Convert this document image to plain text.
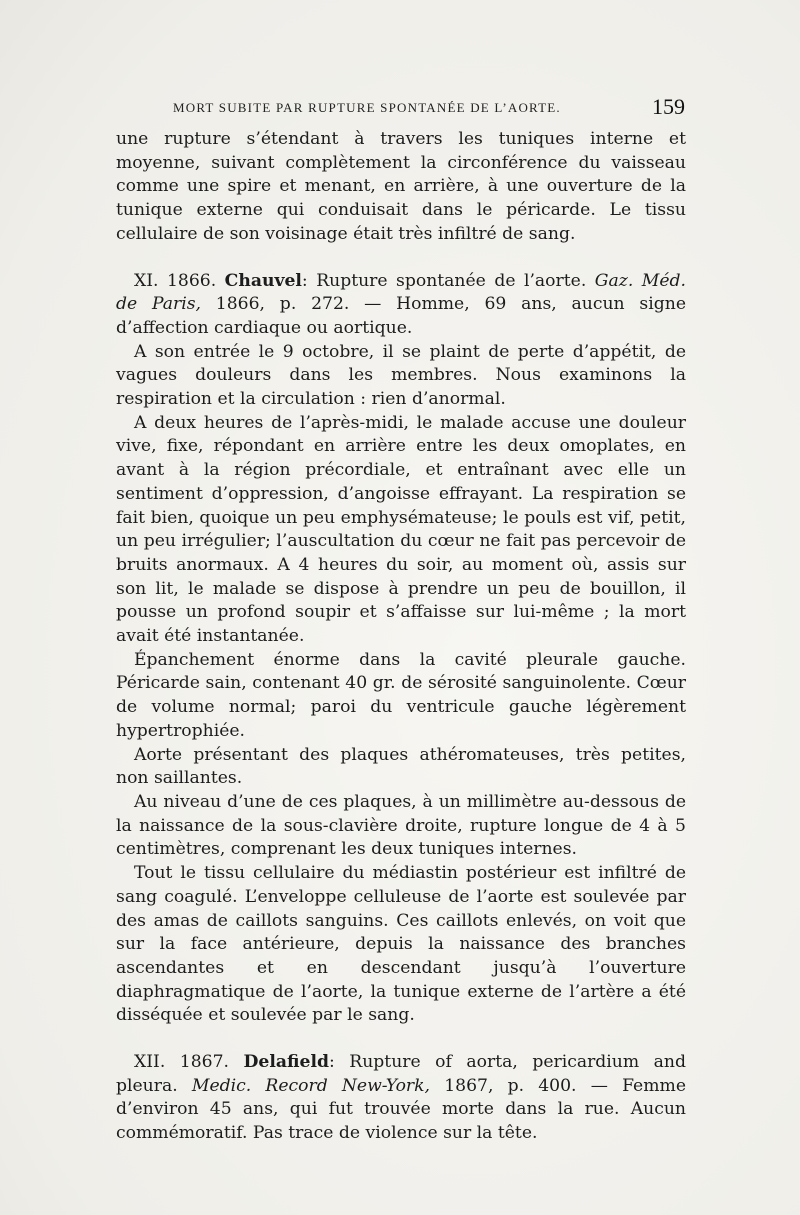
MORT SUBITE PAR RUPTURE SPONTANÉE DE L’AORTE.	159

une rupture s’étendant à travers les tuniques interne et moyenne, suivant complètement la circonférence du vaisseau comme une spire et menant, en arrière, à une ouverture de la tunique externe qui conduisait dans le péricarde. Le tissu cellulaire de son voisinage était très infiltré de sang.

XI. 1866. Chauvel: Rupture spontanée de l’aorte. Gaz. Méd. de Paris, 1866, p. 272. — Homme, 69 ans, aucun signe d’affection cardiaque ou aortique.

A son entrée le 9 octobre, il se plaint de perte d’appétit, de vagues douleurs dans les membres. Nous examinons la respiration et la circulation : rien d’anormal.

A deux heures de l’après-midi, le malade accuse une douleur vive, fixe, répondant en arrière entre les deux omoplates, en avant à la région précordiale, et entraînant avec elle un sentiment d’oppression, d’angoisse effrayant. La respiration se fait bien, quoique un peu emphysémateuse; le pouls est vif, petit, un peu irrégulier; l’auscultation du cœur ne fait pas percevoir de bruits anormaux. A 4 heures du soir, au moment où, assis sur son lit, le malade se dispose à prendre un peu de bouillon, il pousse un profond soupir et s’affaisse sur lui-même ; la mort avait été instantanée.

Épanchement énorme dans la cavité pleurale gauche. Péricarde sain, contenant 40 gr. de sérosité sanguinolente. Cœur de volume normal; paroi du ventricule gauche légèrement hypertrophiée.

Aorte présentant des plaques athéromateuses, très petites, non saillantes.

Au niveau d’une de ces plaques, à un millimètre au-dessous de la naissance de la sous-clavière droite, rupture longue de 4 à 5 centimètres, comprenant les deux tuniques internes.

Tout le tissu cellulaire du médiastin postérieur est infiltré de sang coagulé. L’enveloppe celluleuse de l’aorte est soulevée par des amas de caillots sanguins. Ces caillots enlevés, on voit que sur la face antérieure, depuis la naissance des branches ascendantes et en descendant jusqu’à l’ouverture diaphragmatique de l’aorte, la tunique externe de l’artère a été disséquée et soulevée par le sang.

XII. 1867. Delafield: Rupture of aorta, pericardium and pleura. Medic. Record New-York, 1867, p. 400. — Femme d’environ 45 ans, qui fut trouvée morte dans la rue. Aucun commémoratif. Pas trace de violence sur la tête.
